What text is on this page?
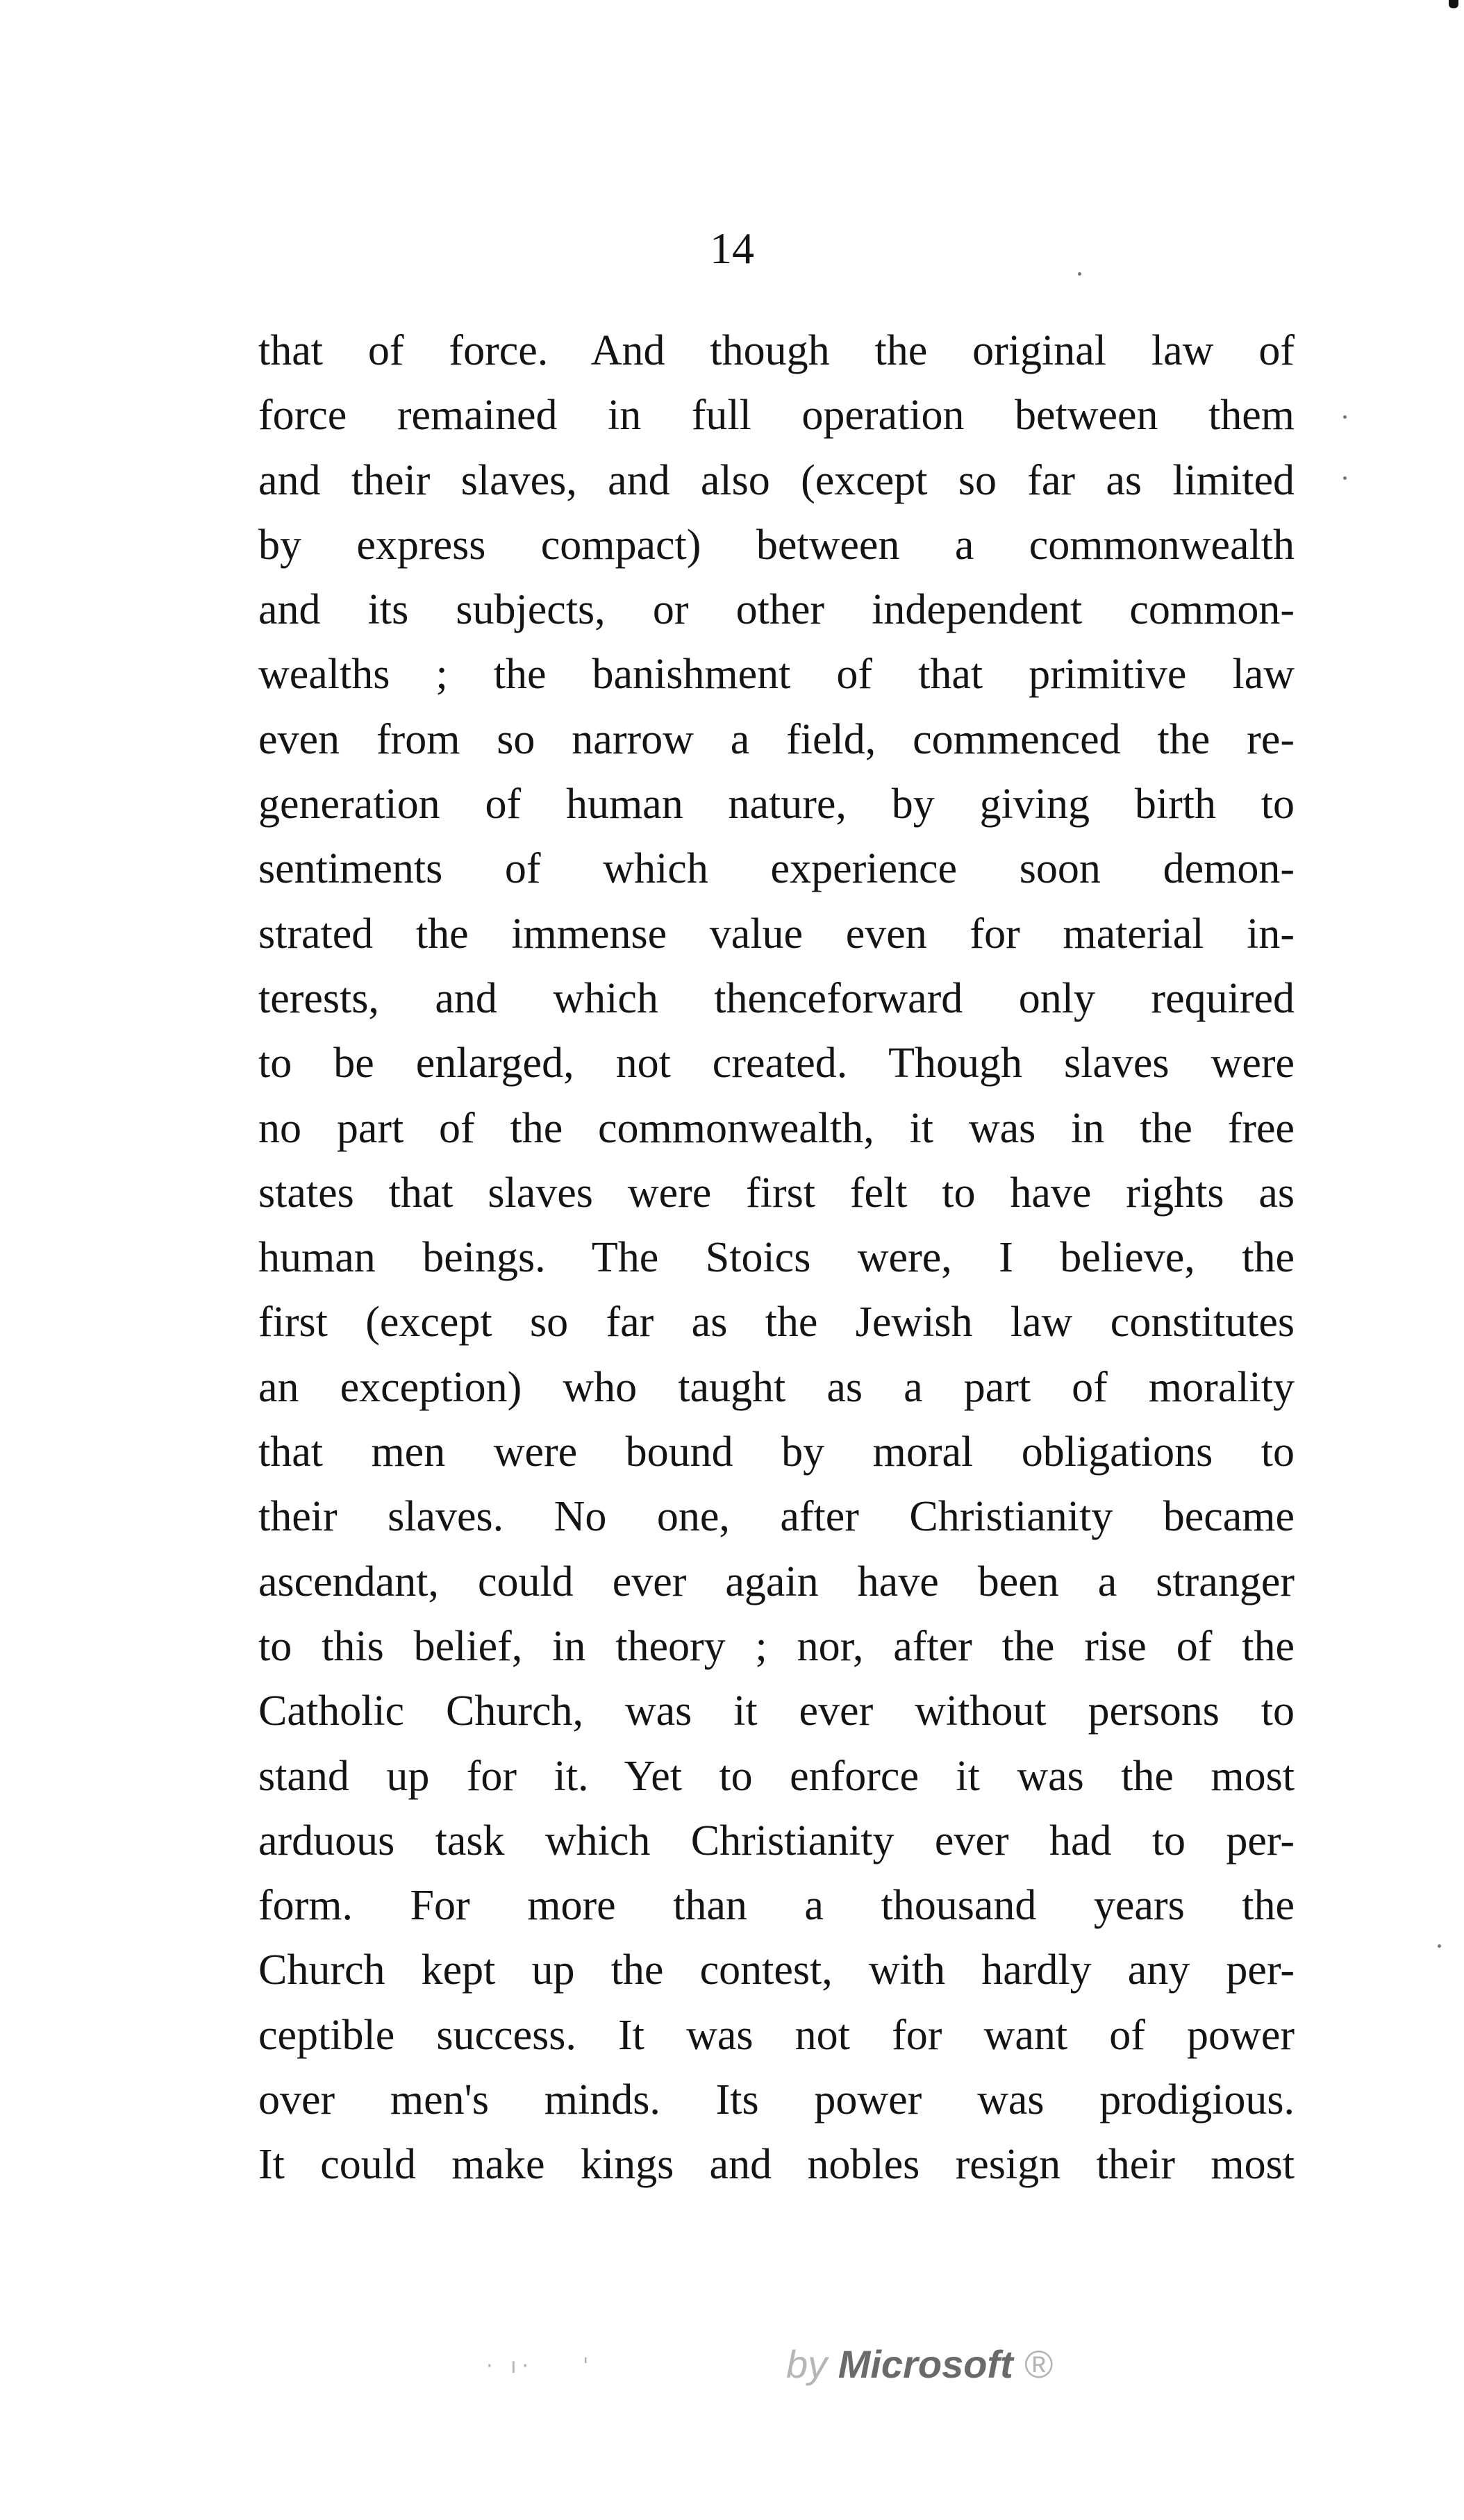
14
that of force. And though the original law of
force remained in full operation between them
and their slaves, and also (except so far as limited
by express compact) between a commonwealth
and its subjects, or other independent common-
wealths ; the banishment of that primitive law
even from so narrow a field, commenced the re-
generation of human nature, by giving birth to
sentiments of which experience soon demon-
strated the immense value even for material in-
terests, and which thenceforward only required
to be enlarged, not created. Though slaves were
no part of the commonwealth, it was in the free
states that slaves were first felt to have rights as
human beings. The Stoics were, I believe, the
first (except so far as the Jewish law constitutes
an exception) who taught as a part of morality
that men were bound by moral obligations to
their slaves. No one, after Christianity became
ascendant, could ever again have been a stranger
to this belief, in theory ; nor, after the rise of the
Catholic Church, was it ever without persons to
stand up for it. Yet to enforce it was the most
arduous task which Christianity ever had to per-
form. For more than a thousand years the
Church kept up the contest, with hardly any per-
ceptible success. It was not for want of power
over men's minds. Its power was prodigious.
It could make kings and nobles resign their most
· ı·    '	by Microsoft ®
